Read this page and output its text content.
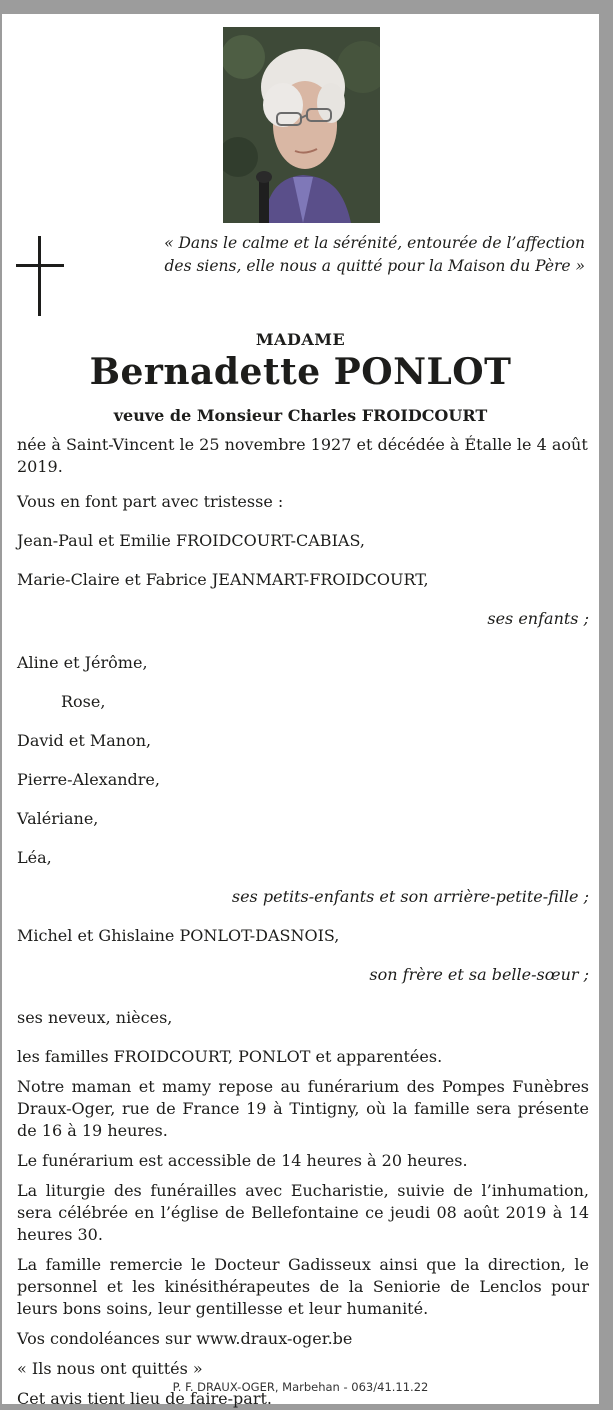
« Dans le calme et la sérénité, entourée de l’affection
des siens, elle nous a quitté pour la Maison du Père »
MADAME
Bernadette PONLOT
veuve de Monsieur Charles FROIDCOURT

née à Saint-Vincent le 25 novembre 1927 et décédée à Étalle le 4 août 2019.

Vous en font part avec tristesse :

Jean-Paul et Emilie FROIDCOURT-CABIAS,

Marie-Claire et Fabrice JEANMART-FROIDCOURT,

ses enfants ;

Aline et Jérôme,

Rose,

David et Manon,

Pierre-Alexandre,

Valériane,

Léa,

ses petits-enfants et son arrière-petite-fille ;

Michel et Ghislaine PONLOT-DASNOIS,

son frère et sa belle-sœur ;

ses neveux, nièces,

les familles FROIDCOURT, PONLOT et apparentées.

Notre maman et mamy repose au funérarium des Pompes Funèbres Draux-Oger, rue de France 19 à Tintigny, où la famille sera présente de 16 à 19 heures.

Le funérarium est accessible de 14 heures à 20 heures.

La liturgie des funérailles avec Eucharistie, suivie de l’inhumation, sera célébrée en l’église de Bellefontaine ce jeudi 08 août 2019 à 14 heures 30.

La famille remercie le Docteur Gadisseux ainsi que la direction, le personnel et les kinésithérapeutes de la Seniorie de Lenclos pour leurs bons soins, leur gentillesse et leur humanité.

Vos condoléances sur www.draux-oger.be

« Ils nous ont quittés »

Cet avis tient lieu de faire-part.

P. F. DRAUX-OGER, Marbehan - 063/41.11.22
